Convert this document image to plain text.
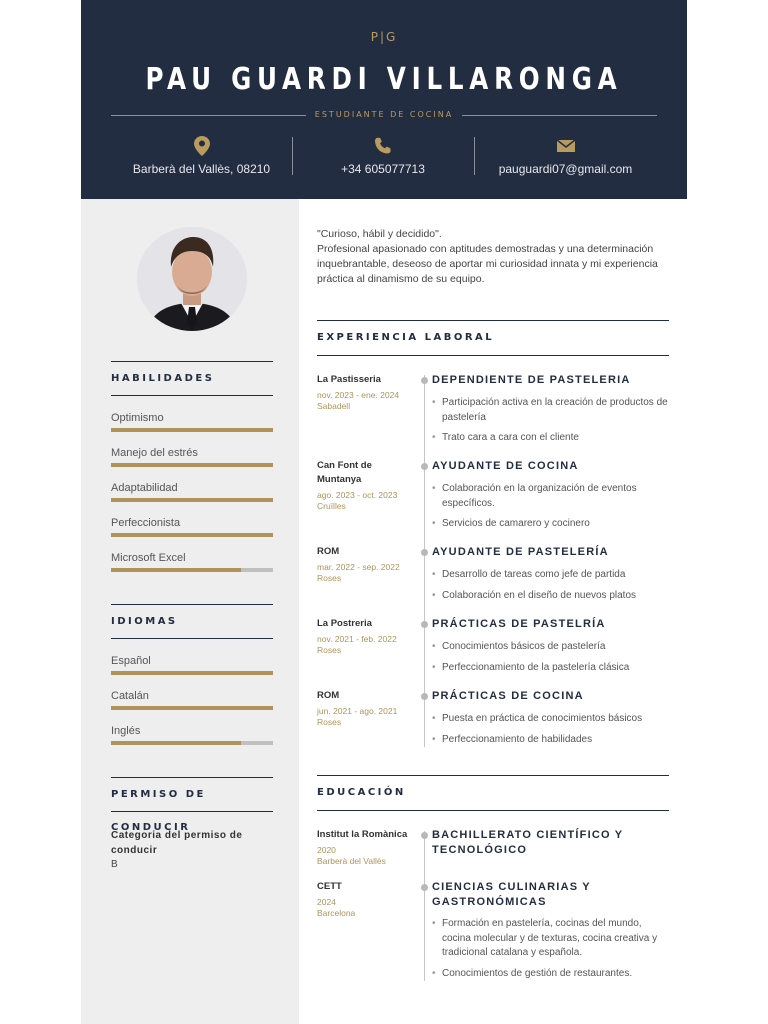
P|G
PAU GUARDI VILLARONGA
ESTUDIANTE DE COCINA
Barberà del Vallès, 08210	+34 605077713	pauguardi07@gmail.com
HABILIDADES
Optimismo
Manejo del estrés
Adaptabilidad
Perfeccionista
Microsoft Excel
IDIOMAS
Español
Catalán
Inglés
PERMISO DE CONDUCIR
Categoria del permiso de conducir
B
"Curioso, hábil y decidido".
Profesional apasionado con aptitudes demostradas y una determinación inquebrantable, deseoso de aportar mi curiosidad innata y mi experiencia práctica al dinamismo de su equipo.
EXPERIENCIA LABORAL
La Pastisseria
nov. 2023 - ene. 2024
Sabadell
DEPENDIENTE DE PASTELERIA
• Participación activa en la creación de productos de pastelería
• Trato cara a cara con el cliente
Can Font de Muntanya
ago. 2023 - oct. 2023
Cruïlles
AYUDANTE DE COCINA
• Colaboración en la organización de eventos específicos.
• Servicios de camarero y cocinero
ROM
mar. 2022 - sep. 2022
Roses
AYUDANTE DE PASTELERÍA
• Desarrollo de tareas como jefe de partida
• Colaboración en el diseño de nuevos platos
La Postreria
nov. 2021 - feb. 2022
Roses
PRÁCTICAS DE PASTELRÍA
• Conocimientos básicos de pastelería
• Perfeccionamiento de la pastelería clásica
ROM
jun. 2021 - ago. 2021
Roses
PRÁCTICAS DE COCINA
• Puesta en práctica de conocimientos básicos
• Perfeccionamiento de habilidades
EDUCACIÓN
Institut la Romànica
2020
Barberà del Vallès
BACHILLERATO CIENTÍFICO Y TECNOLÓGICO
CETT
2024
Barcelona
CIENCIAS CULINARIAS Y GASTRONÓMICAS
• Formación en pastelería, cocinas del mundo, cocina molecular y de texturas, cocina creativa y tradicional catalana y española.
• Conocimientos de gestión de restaurantes.
